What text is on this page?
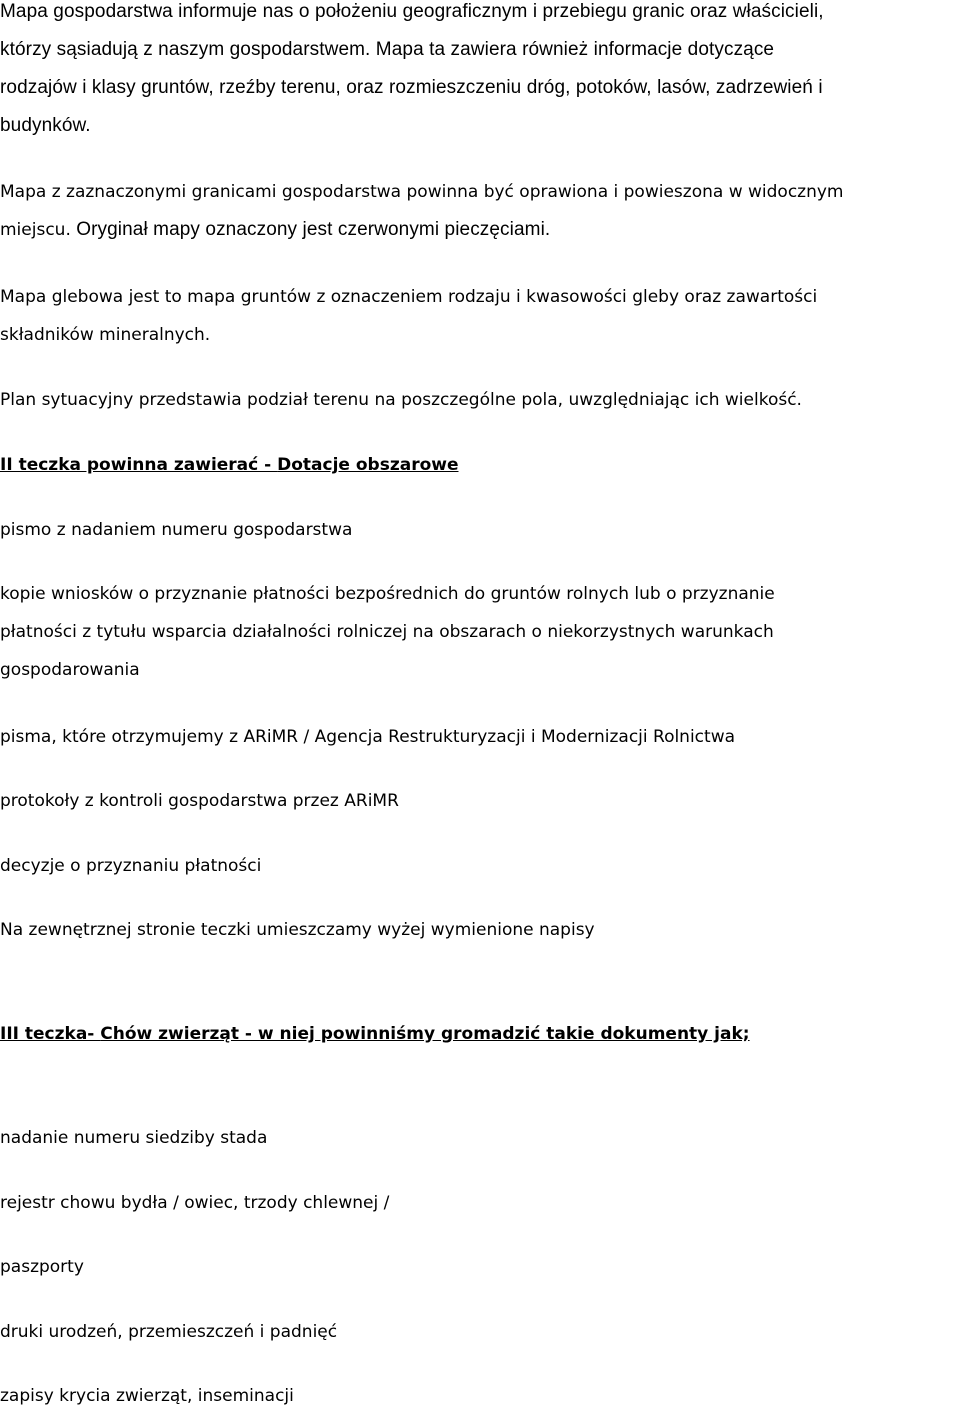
Mapa gospodarstwa informuje nas o położeniu geograficznym i przebiegu granic oraz właścicieli,
którzy sąsiadują z naszym gospodarstwem. Mapa ta zawiera również informacje dotyczące
rodzajów i klasy gruntów, rzeźby terenu, oraz rozmieszczeniu dróg, potoków, lasów, zadrzewień i
budynków.
Mapa z zaznaczonymi granicami gospodarstwa powinna być oprawiona i powieszona w widocznym
miejscu. Oryginał mapy oznaczony jest czerwonymi pieczęciami.
Mapa glebowa jest to mapa gruntów z oznaczeniem rodzaju i kwasowości gleby oraz zawartości
składników mineralnych.
Plan sytuacyjny przedstawia podział terenu na poszczególne pola, uwzględniając ich wielkość.
II teczka powinna zawierać - Dotacje obszarowe
pismo z nadaniem numeru gospodarstwa
kopie wniosków o przyznanie płatności bezpośrednich do gruntów rolnych lub o przyznanie
płatności z tytułu wsparcia działalności rolniczej na obszarach o niekorzystnych warunkach
gospodarowania
pisma, które otrzymujemy z ARiMR / Agencja Restrukturyzacji i Modernizacji Rolnictwa
protokoły z kontroli gospodarstwa przez ARiMR
decyzje o przyznaniu płatności
Na zewnętrznej stronie teczki umieszczamy wyżej wymienione napisy
III teczka- Chów zwierząt - w niej powinniśmy gromadzić takie dokumenty jak;
nadanie numeru siedziby stada
rejestr chowu bydła / owiec, trzody chlewnej /
paszporty
druki urodzeń, przemieszczeń i padnięć
zapisy krycia zwierząt, inseminacji
